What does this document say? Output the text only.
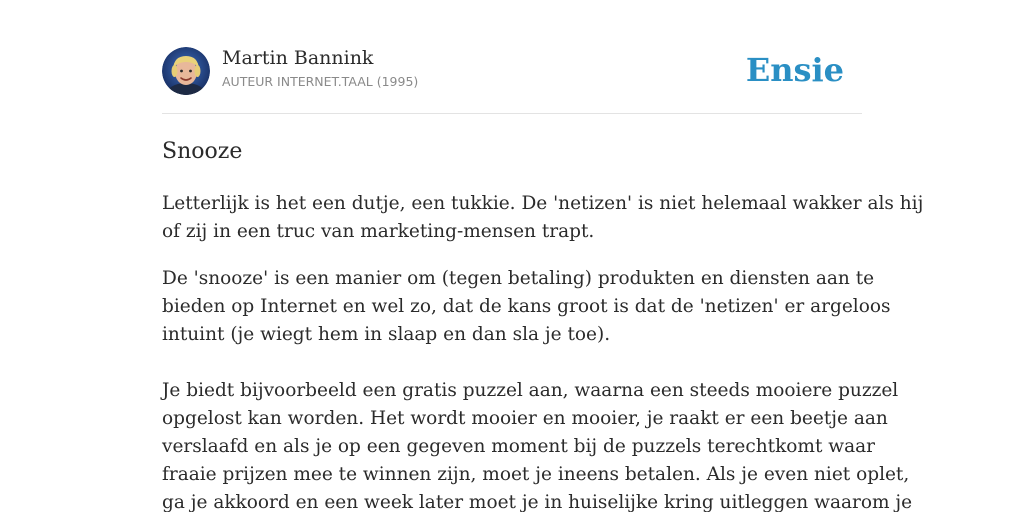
Martin Bannink
AUTEUR INTERNET.TAAL (1995)	Ensie
Snooze

Letterlijk is het een dutje, een tukkie. De 'netizen' is niet helemaal wakker als hij
of zij in een truc van marketing-mensen trapt.

De 'snooze' is een manier om (tegen betaling) produkten en diensten aan te
bieden op Internet en wel zo, dat de kans groot is dat de 'netizen' er argeloos
intuint (je wiegt hem in slaap en dan sla je toe).

Je biedt bijvoorbeeld een gratis puzzel aan, waarna een steeds mooiere puzzel
opgelost kan worden. Het wordt mooier en mooier, je raakt er een beetje aan
verslaafd en als je op een gegeven moment bij de puzzels terechtkomt waar
fraaie prijzen mee te winnen zijn, moet je ineens betalen. Als je even niet oplet,
ga je akkoord en een week later moet je in huiselijke kring uitleggen waarom je
